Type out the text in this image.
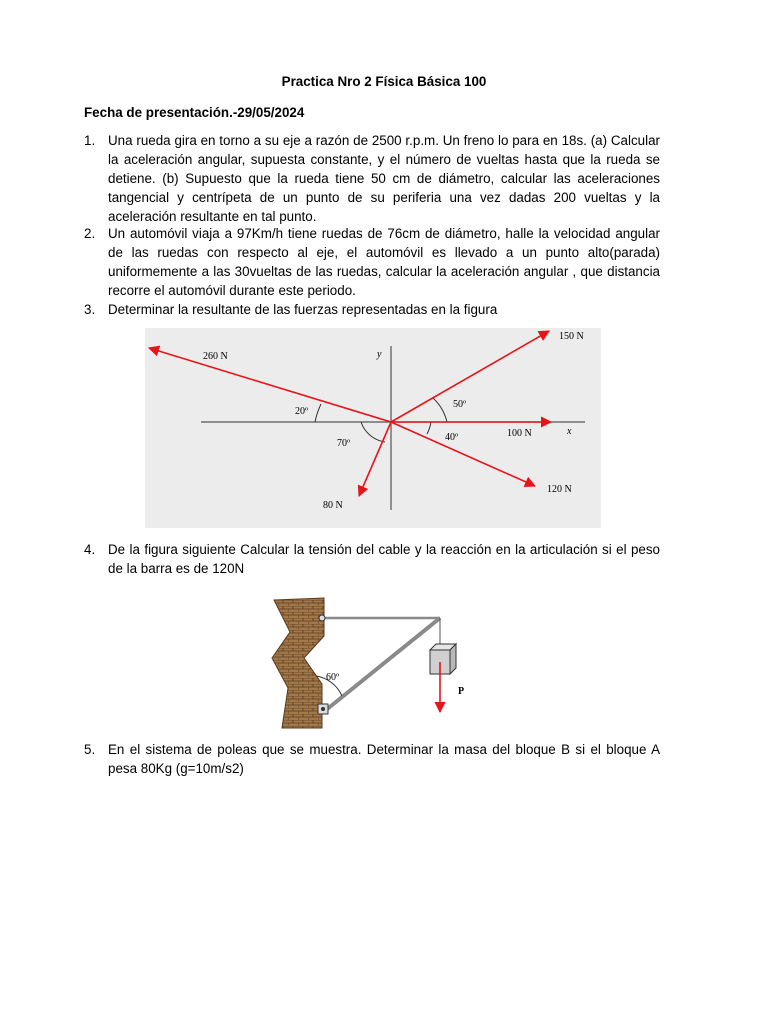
Practica Nro 2 Física Básica 100
Fecha de presentación.-29/05/2024
1. Una rueda gira en torno a su eje a razón de 2500 r.p.m. Un freno lo para en 18s. (a) Calcular la aceleración angular, supuesta constante, y el número de vueltas hasta que la rueda se detiene. (b) Supuesto que la rueda tiene 50 cm de diámetro, calcular las aceleraciones tangencial y centrípeta de un punto de su periferia una vez dadas 200 vueltas y la aceleración resultante en tal punto.
2. Un automóvil viaja a 97Km/h tiene ruedas de 76cm de diámetro, halle la velocidad angular de las ruedas con respecto al eje, el automóvil es llevado a un punto alto(parada) uniformemente a las 30vueltas de las ruedas, calcular la aceleración angular , que distancia recorre el automóvil durante este periodo.
3. Determinar la resultante de las fuerzas representadas en la figura
x
y
150 N
260 N
100 N
120 N
80 N
20º
50º
70º
40º
4. De la figura siguiente Calcular la tensión del cable y la reacción en la articulación si el peso de la barra es de 120N
P
60º
5. En el sistema de poleas que se muestra. Determinar la masa del bloque B si el bloque A pesa 80Kg (g=10m/s2)
